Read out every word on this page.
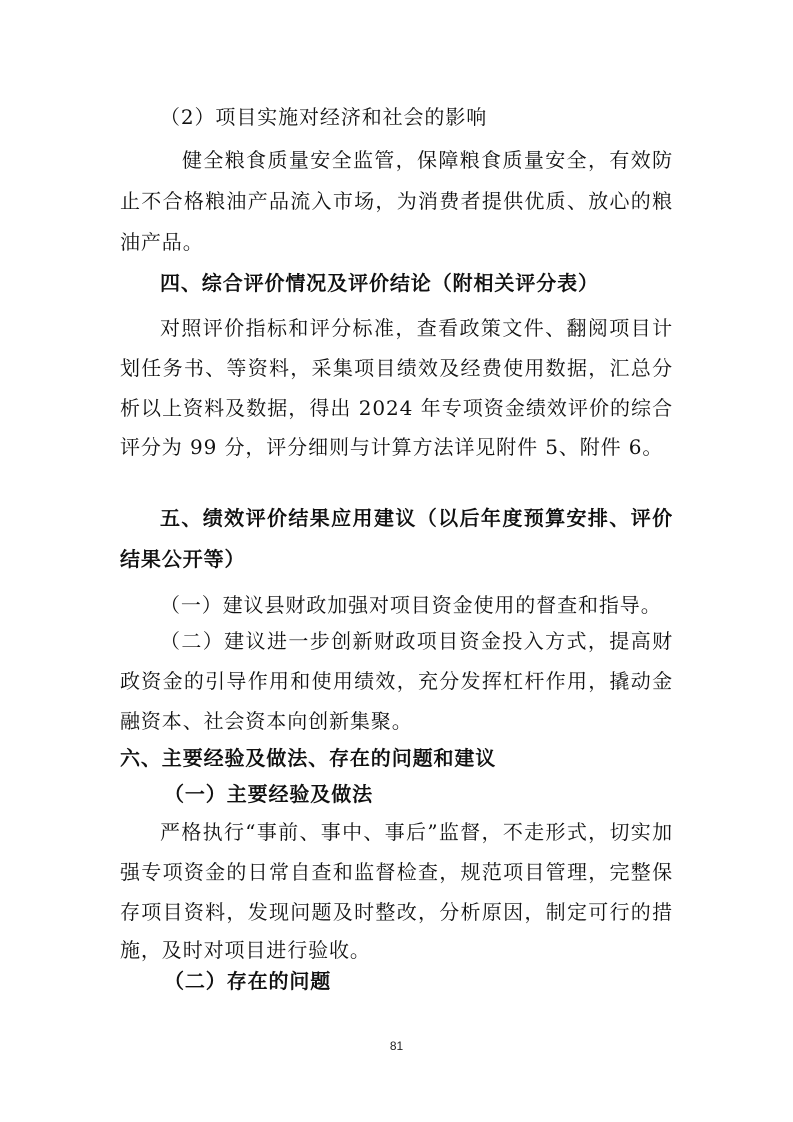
（2）项目实施对经济和社会的影响
健全粮食质量安全监管，保障粮食质量安全，有效防
止不合格粮油产品流入市场，为消费者提供优质、放心的粮
油产品。
四、综合评价情况及评价结论（附相关评分表）
对照评价指标和评分标准，查看政策文件、翻阅项目计
划任务书、等资料，采集项目绩效及经费使用数据，汇总分
析以上资料及数据，得出 2024 年专项资金绩效评价的综合
评分为 99 分，评分细则与计算方法详见附件 5、附件 6。
五、绩效评价结果应用建议（以后年度预算安排、评价
结果公开等）
（一）建议县财政加强对项目资金使用的督查和指导。
（二）建议进一步创新财政项目资金投入方式，提高财
政资金的引导作用和使用绩效，充分发挥杠杆作用，撬动金
融资本、社会资本向创新集聚。
六、主要经验及做法、存在的问题和建议
（一）主要经验及做法
严格执行“事前、事中、事后”监督，不走形式，切实加
强专项资金的日常自查和监督检查，规范项目管理，完整保
存项目资料，发现问题及时整改，分析原因，制定可行的措
施，及时对项目进行验收。
（二）存在的问题
81
